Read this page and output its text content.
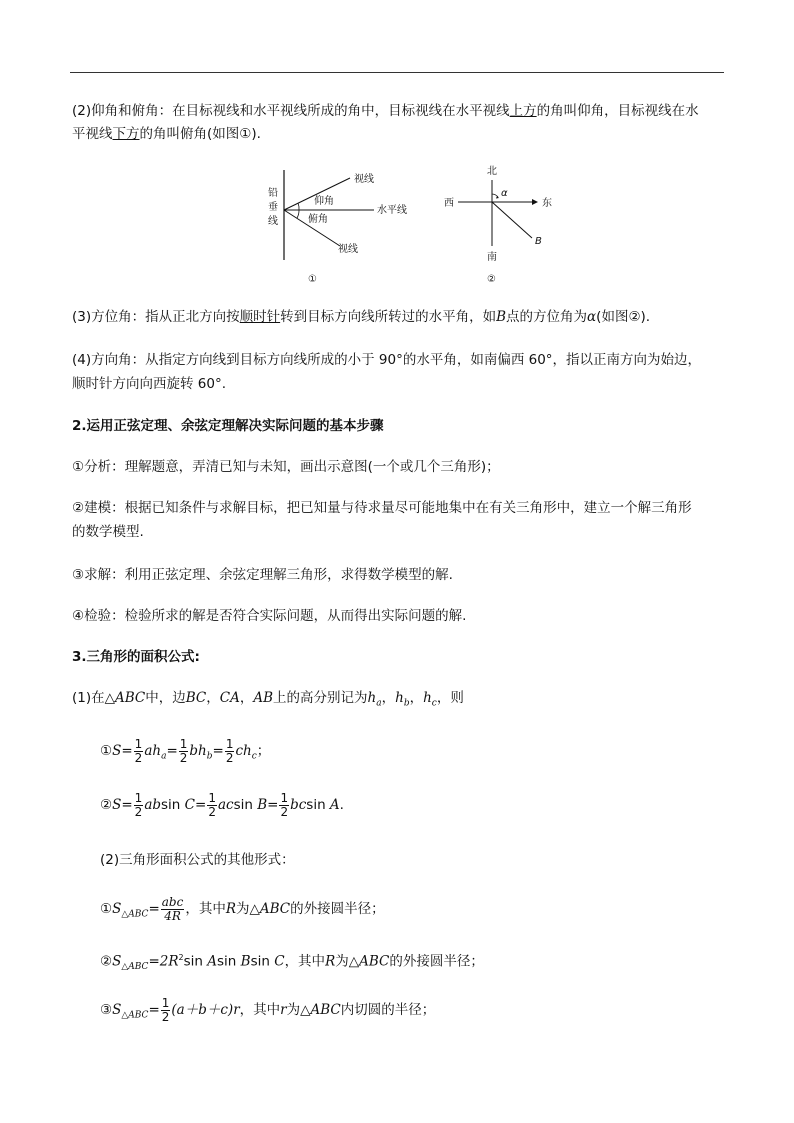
(2)仰角和俯角：在目标视线和水平视线所成的角中，目标视线在水平视线上方的角叫仰角，目标视线在水
平视线下方的角叫俯角(如图①).
铅
垂
线
视线
仰角
水平线
俯角
视线
①
北
西	东
α
B
南
②
(3)方位角：指从正北方向按顺时针转到目标方向线所转过的水平角，如B点的方位角为α(如图②).
(4)方向角：从指定方向线到目标方向线所成的小于 90°的水平角，如南偏西 60°，指以正南方向为始边，
顺时针方向向西旋转 60°.
2.运用正弦定理、余弦定理解决实际问题的基本步骤
①分析：理解题意，弄清已知与未知，画出示意图(一个或几个三角形)；
②建模：根据已知条件与求解目标，把已知量与待求量尽可能地集中在有关三角形中，建立一个解三角形
的数学模型.
③求解：利用正弦定理、余弦定理解三角形，求得数学模型的解.
④检验：检验所求的解是否符合实际问题，从而得出实际问题的解.
3.三角形的面积公式:
(1)在△ABC中，边BC，CA，AB上的高分别记为$h_a$，$h_b$，$h_c$，则
①S= $\frac{1}{2} ah_a= \frac{1}{2} bh_b= \frac{1}{2} ch_c$；
②S= $\frac{1}{2}$ absin $C= \frac{1}{2}$ acsin $B= \frac{1}{2}$ bcsin A.
(2)三角形面积公式的其他形式：
$①S_{\triangle ABC}= \frac{\text{abc}}{4R}$ ，其中R为△ABC的外接圆半径；
$②S_{\triangle ABC}=2R^2\sin$ Asin Bsin C，其中R为△ABC的外接圆半径；
$③S_{\triangle ABC}= \frac{1}{2} (a+b+c)r$，其中r为△ABC内切圆的半径；
